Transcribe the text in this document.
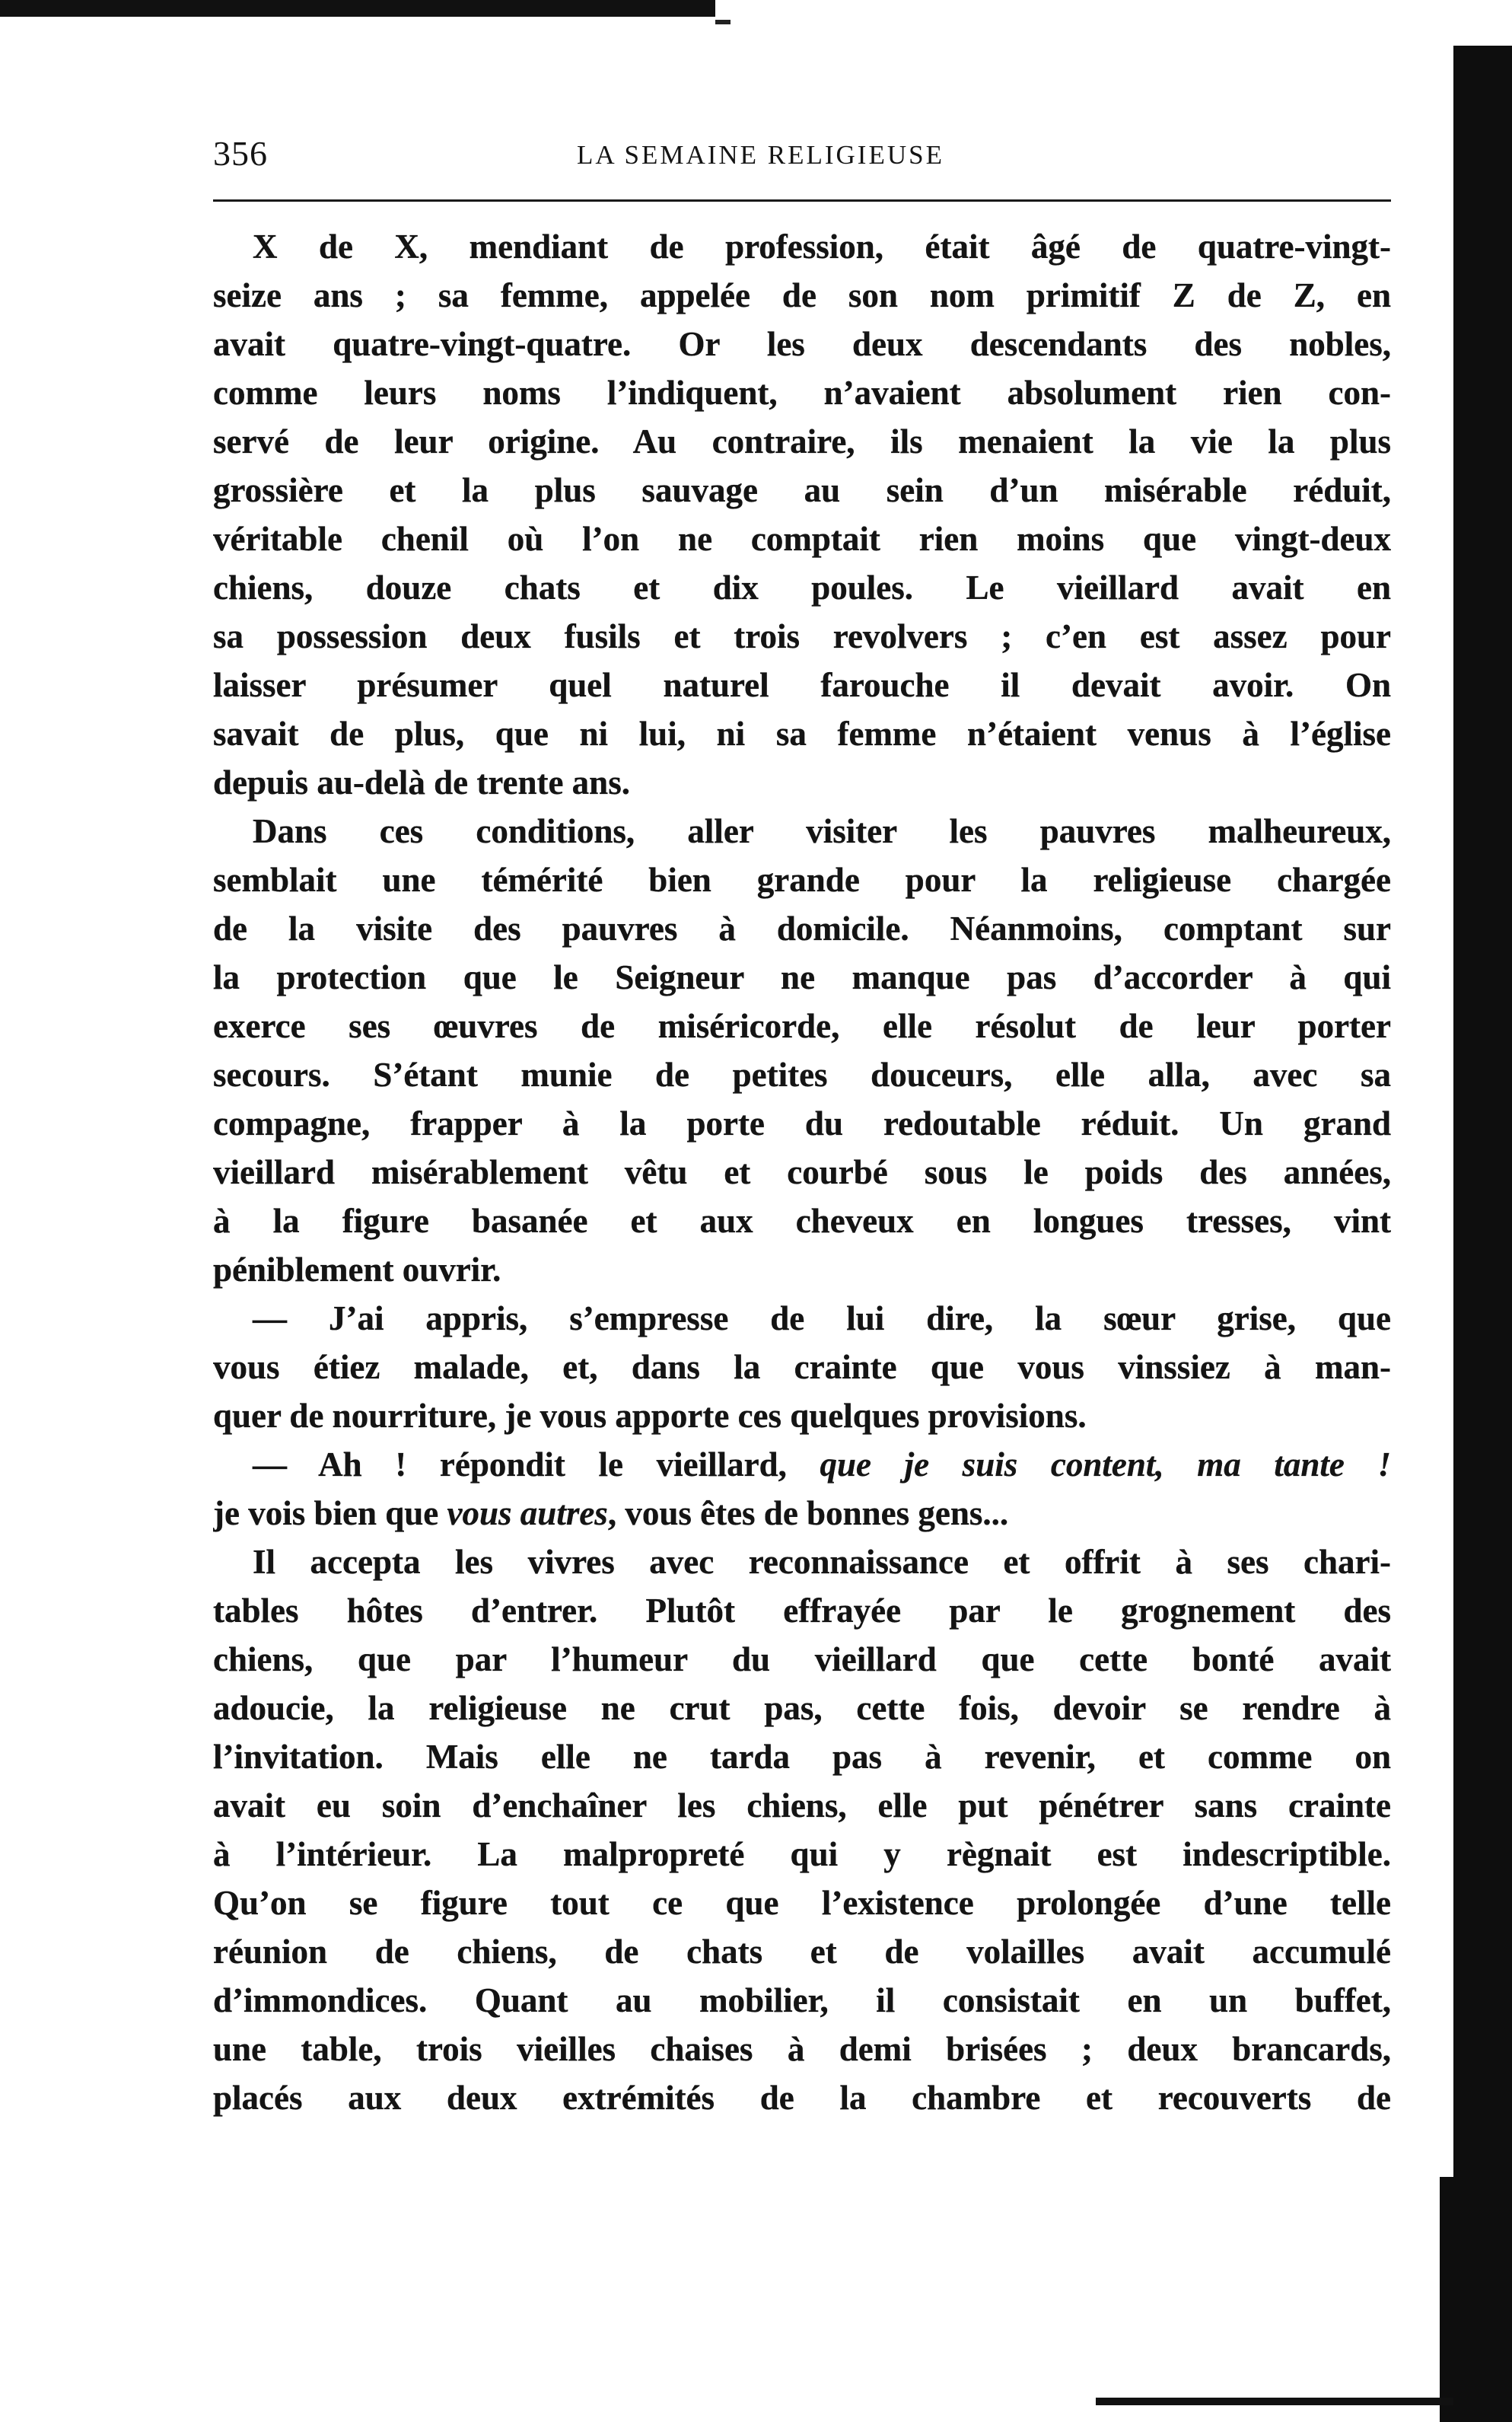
356	LA SEMAINE RELIGIEUSE
X de X, mendiant de profession, était âgé de quatre-vingt-
seize ans ; sa femme, appelée de son nom primitif Z de Z, en
avait quatre-vingt-quatre. Or les deux descendants des nobles,
comme leurs noms l’indiquent, n’avaient absolument rien con-
servé de leur origine. Au contraire, ils menaient la vie la plus
grossière et la plus sauvage au sein d’un misérable réduit,
véritable chenil où l’on ne comptait rien moins que vingt-deux
chiens, douze chats et dix poules. Le vieillard avait en
sa possession deux fusils et trois revolvers ; c’en est assez pour
laisser présumer quel naturel farouche il devait avoir. On
savait de plus, que ni lui, ni sa femme n’étaient venus à l’église
depuis au-delà de trente ans.
Dans ces conditions, aller visiter les pauvres malheureux,
semblait une témérité bien grande pour la religieuse chargée
de la visite des pauvres à domicile. Néanmoins, comptant sur
la protection que le Seigneur ne manque pas d’accorder à qui
exerce ses œuvres de miséricorde, elle résolut de leur porter
secours. S’étant munie de petites douceurs, elle alla, avec sa
compagne, frapper à la porte du redoutable réduit. Un grand
vieillard misérablement vêtu et courbé sous le poids des années,
à la figure basanée et aux cheveux en longues tresses, vint
péniblement ouvrir.
— J’ai appris, s’empresse de lui dire, la sœur grise, que
vous étiez malade, et, dans la crainte que vous vinssiez à man-
quer de nourriture, je vous apporte ces quelques provisions.
— Ah ! répondit le vieillard, que je suis content, ma tante !
je vois bien que vous autres, vous êtes de bonnes gens...
Il accepta les vivres avec reconnaissance et offrit à ses chari-
tables hôtes d’entrer. Plutôt effrayée par le grognement des
chiens, que par l’humeur du vieillard que cette bonté avait
adoucie, la religieuse ne crut pas, cette fois, devoir se rendre à
l’invitation. Mais elle ne tarda pas à revenir, et comme on
avait eu soin d’enchaîner les chiens, elle put pénétrer sans crainte
à l’intérieur. La malpropreté qui y règnait est indescriptible.
Qu’on se figure tout ce que l’existence prolongée d’une telle
réunion de chiens, de chats et de volailles avait accumulé
d’immondices. Quant au mobilier, il consistait en un buffet,
une table, trois vieilles chaises à demi brisées ; deux brancards,
placés aux deux extrémités de la chambre et recouverts de
